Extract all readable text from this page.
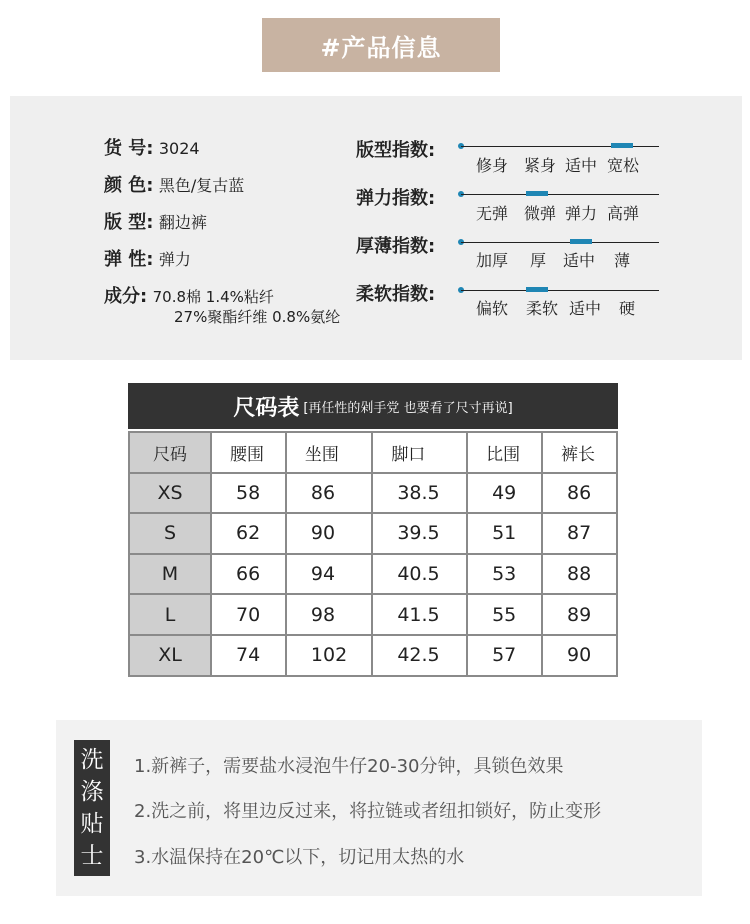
#产品信息
货 号: 3024
颜 色: 黑色/复古蓝
版 型: 翻边裤
弹 性: 弹力
成分: 70.8棉 1.4%粘纤
27%聚酯纤维 0.8%氨纶
版型指数:
修身 紧身 适中 宽松
弹力指数:
无弹 微弹 弹力 高弹
厚薄指数:
加厚 厚 适中 薄
柔软指数:
偏软 柔软 适中 硬
尺码表 [再任性的剁手党 也要看了尺寸再说]
尺码	腰围	坐围	脚口	比围	裤长
XS	58	86	38.5	49	86
S	62	90	39.5	51	87
M	66	94	40.5	53	88
L	70	98	41.5	55	89
XL	74	102	42.5	57	90
洗
涤
贴
士
1.新裤子，需要盐水浸泡牛仔20-30分钟，具锁色效果
2.洗之前，将里边反过来，将拉链或者纽扣锁好，防止变形
3.水温保持在20℃以下，切记用太热的水
